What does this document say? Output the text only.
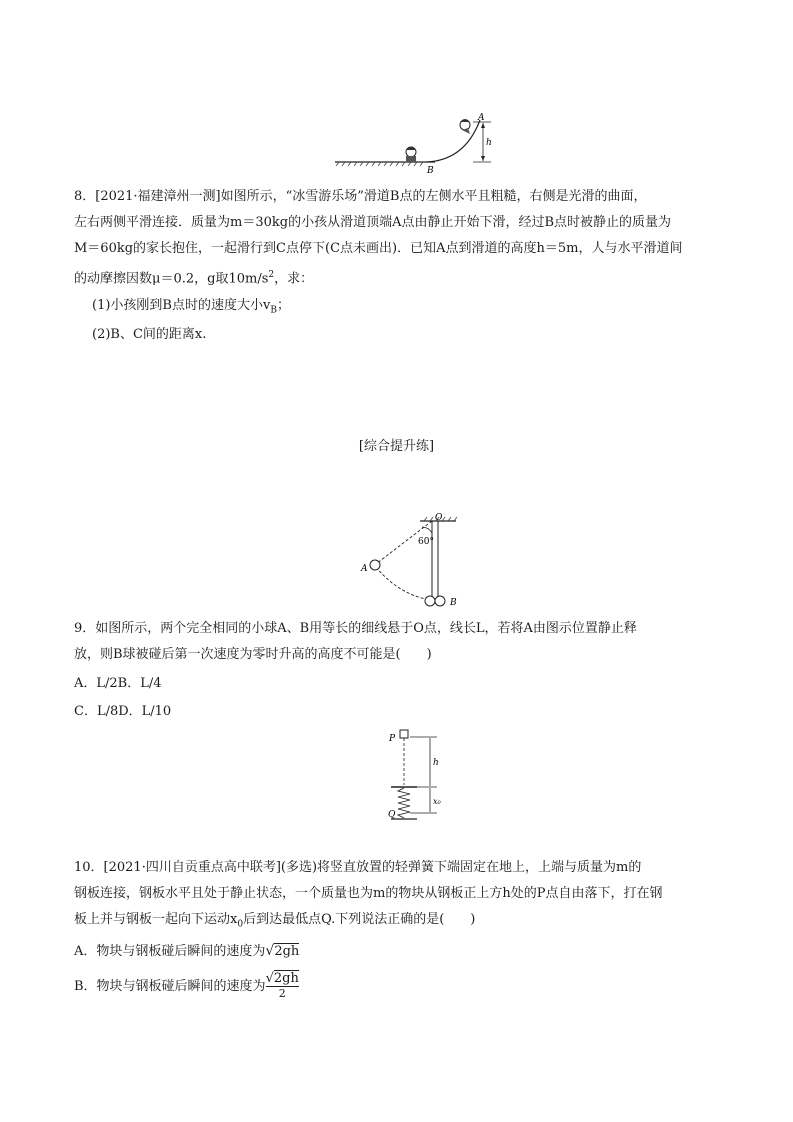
A
B
h
8．[2021·福建漳州一测]如图所示，“冰雪游乐场”滑道B点的左侧水平且粗糙，右侧是光滑的曲面，
左右两侧平滑连接．质量为m＝30kg的小孩从滑道顶端A点由静止开始下滑，经过B点时被静止的质量为
M＝60kg的家长抱住，一起滑行到C点停下(C点未画出)．已知A点到滑道的高度h＝5m，人与水平滑道间
的动摩擦因数μ＝0.2，g取$10m/s^2$，求：
(1)小孩刚到B点时的速度大小$v_B$；
(2)B、C间的距离x.
[综合提升练]
O
60°
A
B
9．如图所示，两个完全相同的小球A、B用等长的细线悬于O点，线长L，若将A由图示位置静止释
放，则B球被碰后第一次速度为零时升高的高度不可能是(　　)
A．L/2B．L/4
C．L/8D．L/10
P
Q
h
x₀
10．[2021·四川自贡重点高中联考](多选)将竖直放置的轻弹簧下端固定在地上，上端与质量为m的
钢板连接，钢板水平且处于静止状态，一个质量也为m的物块从钢板正上方h处的P点自由落下，打在钢
板上并与钢板一起向下运动$x_0$后到达最低点Q.下列说法正确的是(　　)
A．物块与钢板碰后瞬间的速度为√2gh
B．物块与钢板碰后瞬间的速度为
√2gh
2
